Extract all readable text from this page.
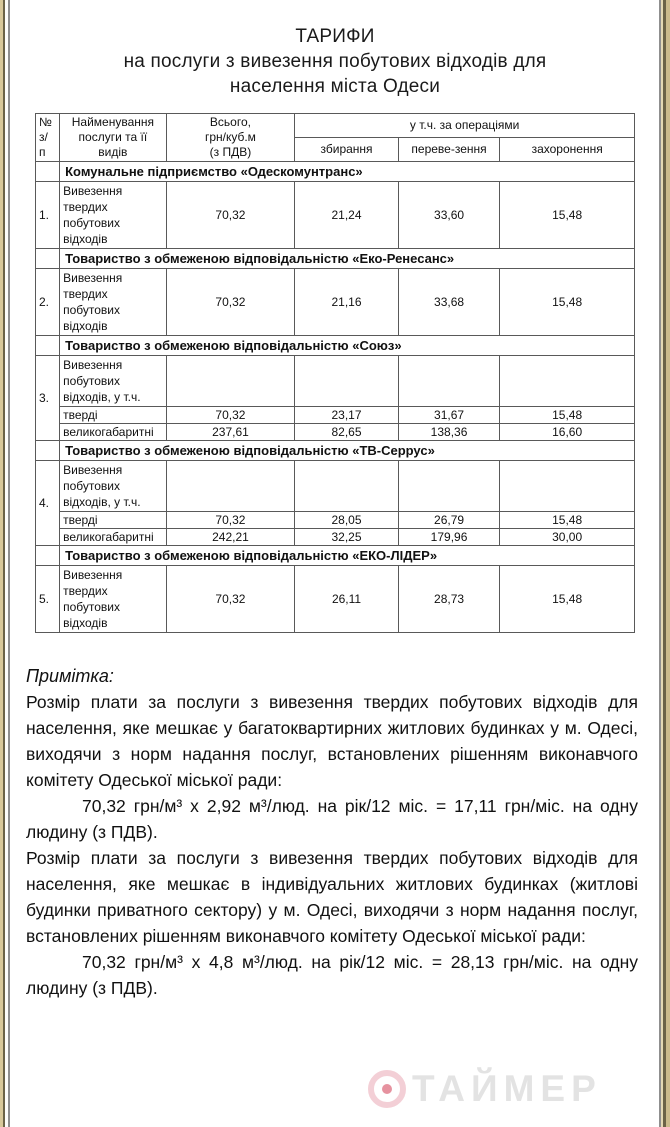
ТАРИФИ
на послуги з вивезення побутових відходів для
населення міста Одеси
№
з/
п	Найменування
послуги та її
видів	Всього,
грн/куб.м
(з ПДВ)	у т.ч. за операціями		
			збирання	переве-зення	захоронення
	Комунальне підприємство «Одескомунтранс»				
1.	Вивезення
твердих
побутових
відходів	70,32	21,24	33,60	15,48
	Товариство з обмеженою відповідальністю «Еко-Ренесанс»				
2.	Вивезення
твердих
побутових
відходів	70,32	21,16	33,68	15,48
	Товариство з обмеженою відповідальністю «Союз»				
3.	Вивезення
побутових
відходів, у т.ч.				

	тверді	70,32	23,17	31,67	15,48
	великогабаритні	237,61	82,65	138,36	16,60
	Товариство з обмеженою відповідальністю «ТВ-Серрус»				
4.	Вивезення
побутових
відходів, у т.ч.				

	тверді	70,32	28,05	26,79	15,48
	великогабаритні	242,21	32,25	179,96	30,00
	Товариство з обмеженою відповідальністю «ЕКО-ЛІДЕР»				
5.	Вивезення
твердих
побутових
відходів	70,32	26,11	28,73	15,48
Примітка:

Розмір плати за послуги з вивезення твердих побутових відходів для населення, яке мешкає у багатоквартирних житлових будинках у м. Одесі, виходячи з норм надання послуг, встановлених рішенням виконавчого комітету Одеської міської ради:

70,32 грн/м³ х 2,92 м³/люд. на рік/12 міс. = 17,11 грн/міс. на одну людину (з ПДВ).

Розмір плати за послуги з вивезення твердих побутових відходів для населення, яке мешкає в індивідуальних житлових будинках (житлові будинки приватного сектору) у м. Одесі, виходячи з норм надання послуг, встановлених рішенням виконавчого комітету Одеської міської ради:

70,32 грн/м³ х 4,8 м³/люд. на рік/12 міс. = 28,13 грн/міс. на одну людину (з ПДВ).

ТАЙМЕР
